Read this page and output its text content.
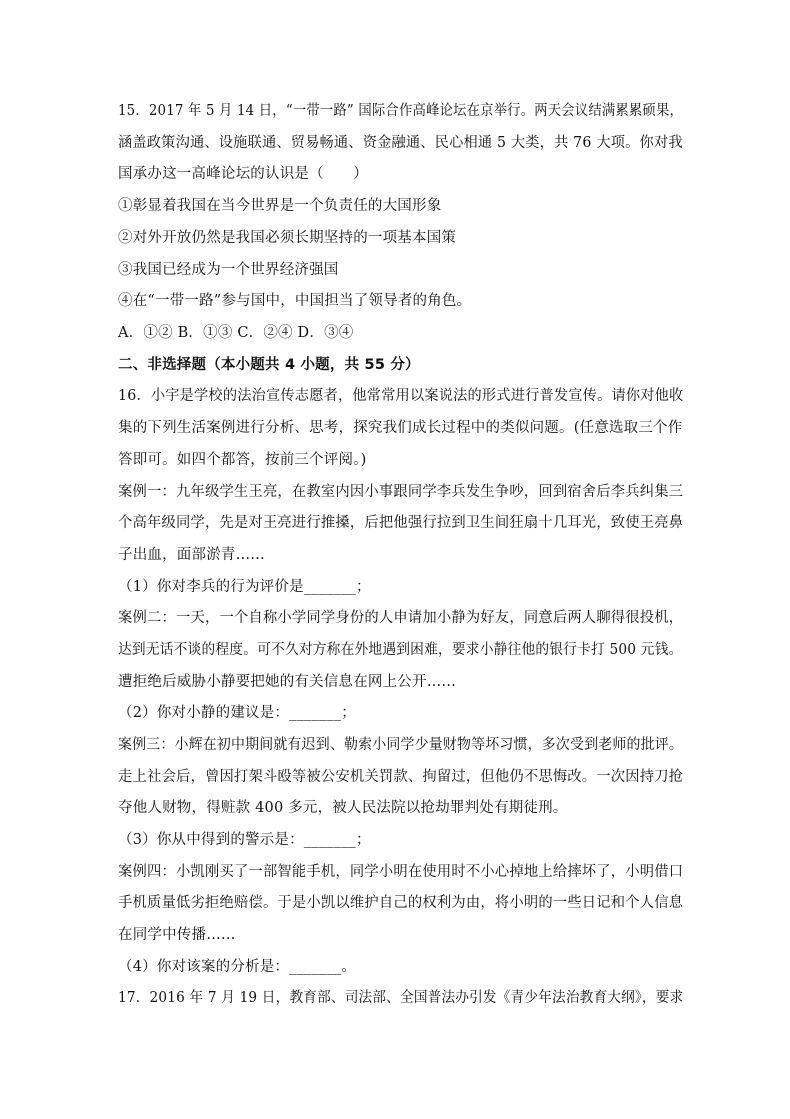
15．2017 年 5 月 14 日，“一带一路” 国际合作高峰论坛在京举行。两天会议结满累累硕果，
涵盖政策沟通、设施联通、贸易畅通、资金融通、民心相通 5 大类，共 76 大项。你对我
国承办这一高峰论坛的认识是（　　）
①彰显着我国在当今世界是一个负责任的大国形象
②对外开放仍然是我国必须长期坚持的一项基本国策
③我国已经成为一个世界经济强国
④在“一带一路”参与国中，中国担当了领导者的角色。
A．①② B．①③ C．②④ D．③④
二、非选择题（本小题共 4 小题，共 55 分）
16．小宇是学校的法治宣传志愿者，他常常用以案说法的形式进行普发宣传。请你对他收
集的下列生活案例进行分析、思考，探究我们成长过程中的类似问题。(任意选取三个作
答即可。如四个都答，按前三个评阅。)
案例一：九年级学生王亮，在教室内因小事跟同学李兵发生争吵，回到宿舍后李兵纠集三
个高年级同学，先是对王亮进行推搡，后把他强行拉到卫生间狂扇十几耳光，致使王亮鼻
子出血，面部淤青……
（1）你对李兵的行为评价是_______；
案例二：一天，一个自称小学同学身份的人申请加小静为好友，同意后两人聊得很投机，
达到无话不谈的程度。可不久对方称在外地遇到困难，要求小静往他的银行卡打 500 元钱。
遭拒绝后威胁小静要把她的有关信息在网上公开……
（2）你对小静的建议是：_______；
案例三：小辉在初中期间就有迟到、勒索小同学少量财物等坏习惯，多次受到老师的批评。
走上社会后，曾因打架斗殴等被公安机关罚款、拘留过，但他仍不思悔改。一次因持刀抢
夺他人财物，得赃款 400 多元，被人民法院以抢劫罪判处有期徒刑。
（3）你从中得到的警示是：_______；
案例四：小凯刚买了一部智能手机，同学小明在使用时不小心掉地上给摔坏了，小明借口
手机质量低劣拒绝赔偿。于是小凯以维护自己的权利为由，将小明的一些日记和个人信息
在同学中传播……
（4）你对该案的分析是：_______。
17．2016 年 7 月 19 日，教育部、司法部、全国普法办引发《青少年法治教育大纲》，要求
